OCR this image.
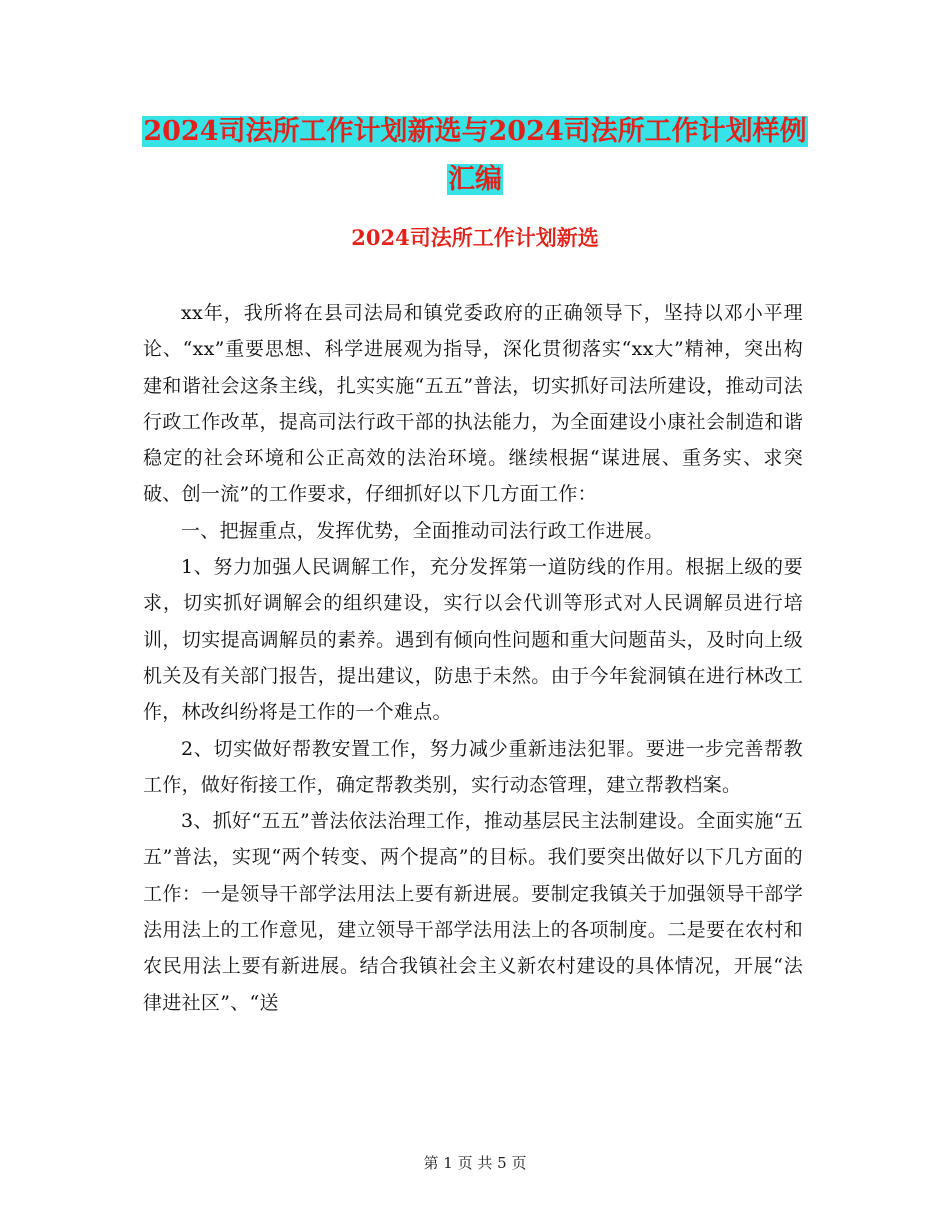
2024司法所工作计划新选与2024司法所工作计划样例
汇编
2024司法所工作计划新选

xx年，我所将在县司法局和镇党委政府的正确领导下，坚持以邓小平理论、“xx”重要思想、科学进展观为指导，深化贯彻落实“xx大”精神，突出构建和谐社会这条主线，扎实实施“五五”普法，切实抓好司法所建设，推动司法行政工作改革，提高司法行政干部的执法能力，为全面建设小康社会制造和谐稳定的社会环境和公正高效的法治环境。继续根据“谋进展、重务实、求突破、创一流”的工作要求，仔细抓好以下几方面工作：

一、把握重点，发挥优势，全面推动司法行政工作进展。

1、努力加强人民调解工作，充分发挥第一道防线的作用。根据上级的要求，切实抓好调解会的组织建设，实行以会代训等形式对人民调解员进行培训，切实提高调解员的素养。遇到有倾向性问题和重大问题苗头，及时向上级机关及有关部门报告，提出建议，防患于未然。由于今年瓮洞镇在进行林改工作，林改纠纷将是工作的一个难点。

2、切实做好帮教安置工作，努力减少重新违法犯罪。要进一步完善帮教工作，做好衔接工作，确定帮教类别，实行动态管理，建立帮教档案。

3、抓好“五五”普法依法治理工作，推动基层民主法制建设。全面实施“五五”普法，实现“两个转变、两个提高”的目标。我们要突出做好以下几方面的工作：一是领导干部学法用法上要有新进展。要制定我镇关于加强领导干部学法用法上的工作意见，建立领导干部学法用法上的各项制度。二是要在农村和农民用法上要有新进展。结合我镇社会主义新农村建设的具体情况，开展“法律进社区”、“送

第 1 页 共 5 页
